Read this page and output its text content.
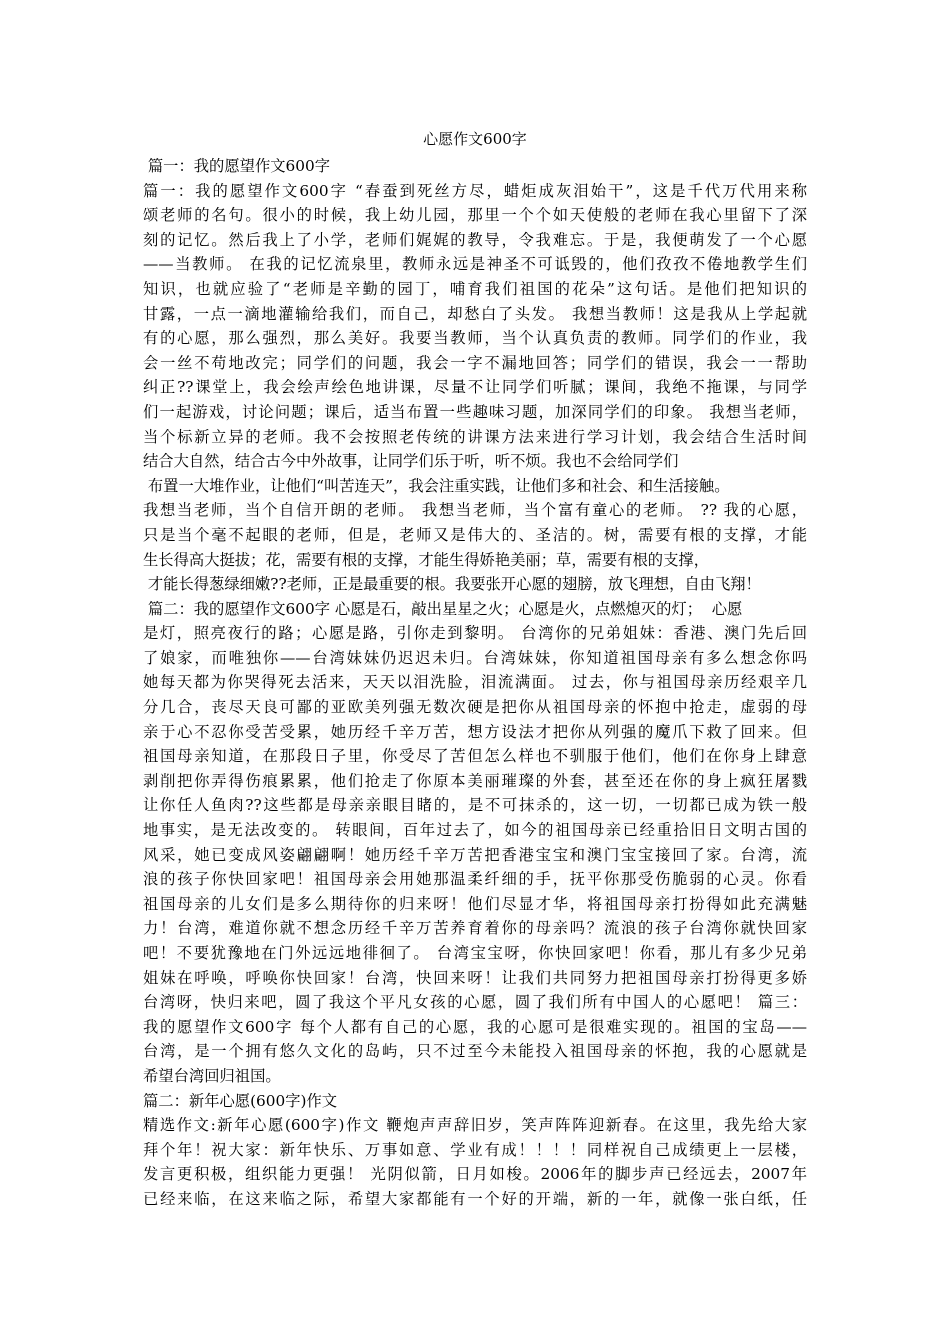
心愿作文600字
篇一：我的愿望作文600字
篇一：我的愿望作文600字 “春蚕到死丝方尽，蜡炬成灰泪始干”，这是千代万代用来称
颂老师的名句。很小的时候，我上幼儿园，那里一个个如天使般的老师在我心里留下了深
刻的记忆。然后我上了小学，老师们娓娓的教导，令我难忘。于是，我便萌发了一个心愿
——当教师。 在我的记忆流泉里，教师永远是神圣不可诋毁的，他们孜孜不倦地教学生们
知识，也就应验了“老师是辛勤的园丁，哺育我们祖国的花朵”这句话。是他们把知识的
甘露，一点一滴地灌输给我们，而自己，却愁白了头发。 我想当教师！这是我从上学起就
有的心愿，那么强烈，那么美好。我要当教师，当个认真负责的教师。同学们的作业，我
会一丝不苟地改完；同学们的问题，我会一字不漏地回答；同学们的错误，我会一一帮助
纠正??课堂上，我会绘声绘色地讲课，尽量不让同学们听腻；课间，我绝不拖课，与同学
们一起游戏，讨论问题；课后，适当布置一些趣味习题，加深同学们的印象。 我想当老师，
当个标新立异的老师。我不会按照老传统的讲课方法来进行学习计划，我会结合生活时间
结合大自然，结合古今中外故事，让同学们乐于听，听不烦。我也不会给同学们
布置一大堆作业，让他们“叫苦连天”，我会注重实践，让他们多和社会、和生活接触。
我想当老师，当个自信开朗的老师。 我想当老师，当个富有童心的老师。 ?? 我的心愿，
只是当个毫不起眼的老师，但是，老师又是伟大的、圣洁的。树，需要有根的支撑，才能
生长得高大挺拔；花，需要有根的支撑，才能生得娇艳美丽；草，需要有根的支撑，
才能长得葱绿细嫩??老师，正是最重要的根。我要张开心愿的翅膀，放飞理想，自由飞翔！
篇二：我的愿望作文600字 心愿是石，敲出星星之火；心愿是火，点燃熄灭的灯；  心愿
是灯，照亮夜行的路；心愿是路，引你走到黎明。 台湾你的兄弟姐妹：香港、澳门先后回
了娘家，而唯独你——台湾妹妹仍迟迟未归。台湾妹妹，你知道祖国母亲有多么想念你吗
她每天都为你哭得死去活来，天天以泪洗脸，泪流满面。 过去，你与祖国母亲历经艰辛几
分几合，丧尽天良可鄙的亚欧美列强无数次硬是把你从祖国母亲的怀抱中抢走，虚弱的母
亲于心不忍你受苦受累，她历经千辛万苦，想方设法才把你从列强的魔爪下救了回来。但
祖国母亲知道，在那段日子里，你受尽了苦但怎么样也不驯服于他们，他们在你身上肆意
剥削把你弄得伤痕累累，他们抢走了你原本美丽璀璨的外套，甚至还在你的身上疯狂屠戮
让你任人鱼肉??这些都是母亲亲眼目睹的，是不可抹杀的，这一切，一切都已成为铁一般
地事实，是无法改变的。 转眼间，百年过去了，如今的祖国母亲已经重拾旧日文明古国的
风采，她已变成风姿翩翩啊！她历经千辛万苦把香港宝宝和澳门宝宝接回了家。台湾，流
浪的孩子你快回家吧！祖国母亲会用她那温柔纤细的手，抚平你那受伤脆弱的心灵。你看
祖国母亲的儿女们是多么期待你的归来呀！他们尽显才华，将祖国母亲打扮得如此充满魅
力！台湾，难道你就不想念历经千辛万苦养育着你的母亲吗？流浪的孩子台湾你就快回家
吧！不要犹豫地在门外远远地徘徊了。 台湾宝宝呀，你快回家吧！你看，那儿有多少兄弟
姐妹在呼唤，呼唤你快回家！台湾，快回来呀！让我们共同努力把祖国母亲打扮得更多娇
台湾呀，快归来吧，圆了我这个平凡女孩的心愿，圆了我们所有中国人的心愿吧！ 篇三：
我的愿望作文600字 每个人都有自己的心愿，我的心愿可是很难实现的。祖国的宝岛——
台湾，是一个拥有悠久文化的岛屿，只不过至今未能投入祖国母亲的怀抱，我的心愿就是
希望台湾回归祖国。
篇二：新年心愿(600字)作文
精选作文:新年心愿(600字)作文 鞭炮声声辞旧岁，笑声阵阵迎新春。在这里，我先给大家
拜个年！祝大家：新年快乐、万事如意、学业有成！！！！同样祝自己成绩更上一层楼，
发言更积极，组织能力更强！ 光阴似箭，日月如梭。2006年的脚步声已经远去，2007年
已经来临，在这来临之际，希望大家都能有一个好的开端，新的一年，就像一张白纸，任
